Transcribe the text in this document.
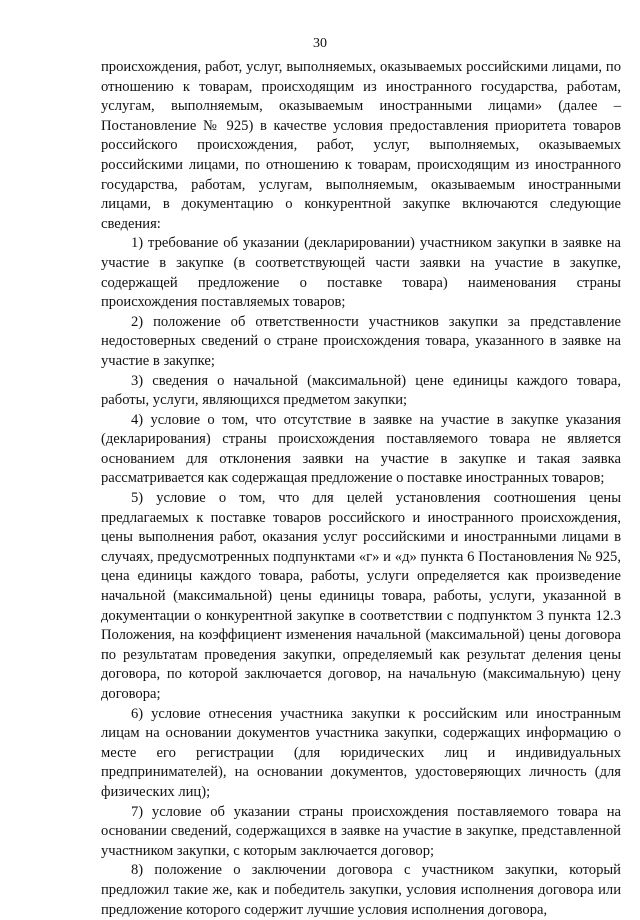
30

происхождения, работ, услуг, выполняемых, оказываемых российскими лицами, по отношению к товарам, происходящим из иностранного государства, работам, услугам, выполняемым, оказываемым иностранными лицами» (далее – Постановление № 925) в качестве условия предоставления приоритета товаров российского происхождения, работ, услуг, выполняемых, оказываемых российскими лицами, по отношению к товарам, происходящим из иностранного государства, работам, услугам, выполняемым, оказываемым иностранными лицами, в документацию о конкурентной закупке включаются следующие сведения:

1) требование об указании (декларировании) участником закупки в заявке на участие в закупке (в соответствующей части заявки на участие в закупке, содержащей предложение о поставке товара) наименования страны происхождения поставляемых товаров;

2) положение об ответственности участников закупки за представление недостоверных сведений о стране происхождения товара, указанного в заявке на участие в закупке;

3) сведения о начальной (максимальной) цене единицы каждого товара, работы, услуги, являющихся предметом закупки;

4) условие о том, что отсутствие в заявке на участие в закупке указания (декларирования) страны происхождения поставляемого товара не является основанием для отклонения заявки на участие в закупке и такая заявка рассматривается как содержащая предложение о поставке иностранных товаров;

5) условие о том, что для целей установления соотношения цены предлагаемых к поставке товаров российского и иностранного происхождения, цены выполнения работ, оказания услуг российскими и иностранными лицами в случаях, предусмотренных подпунктами «г» и «д» пункта 6 Постановления № 925, цена единицы каждого товара, работы, услуги определяется как произведение начальной (максимальной) цены единицы товара, работы, услуги, указанной в документации о конкурентной закупке в соответствии с подпунктом 3 пункта 12.3 Положения, на коэффициент изменения начальной (максимальной) цены договора по результатам проведения закупки, определяемый как результат деления цены договора, по которой заключается договор, на начальную (максимальную) цену договора;

6) условие отнесения участника закупки к российским или иностранным лицам на основании документов участника закупки, содержащих информацию о месте его регистрации (для юридических лиц и индивидуальных предпринимателей), на основании документов, удостоверяющих личность (для физических лиц);

7) условие об указании страны происхождения поставляемого товара на основании сведений, содержащихся в заявке на участие в закупке, представленной участником закупки, с которым заключается договор;

8) положение о заключении договора с участником закупки, который предложил такие же, как и победитель закупки, условия исполнения договора или предложение которого содержит лучшие условия исполнения договора,
